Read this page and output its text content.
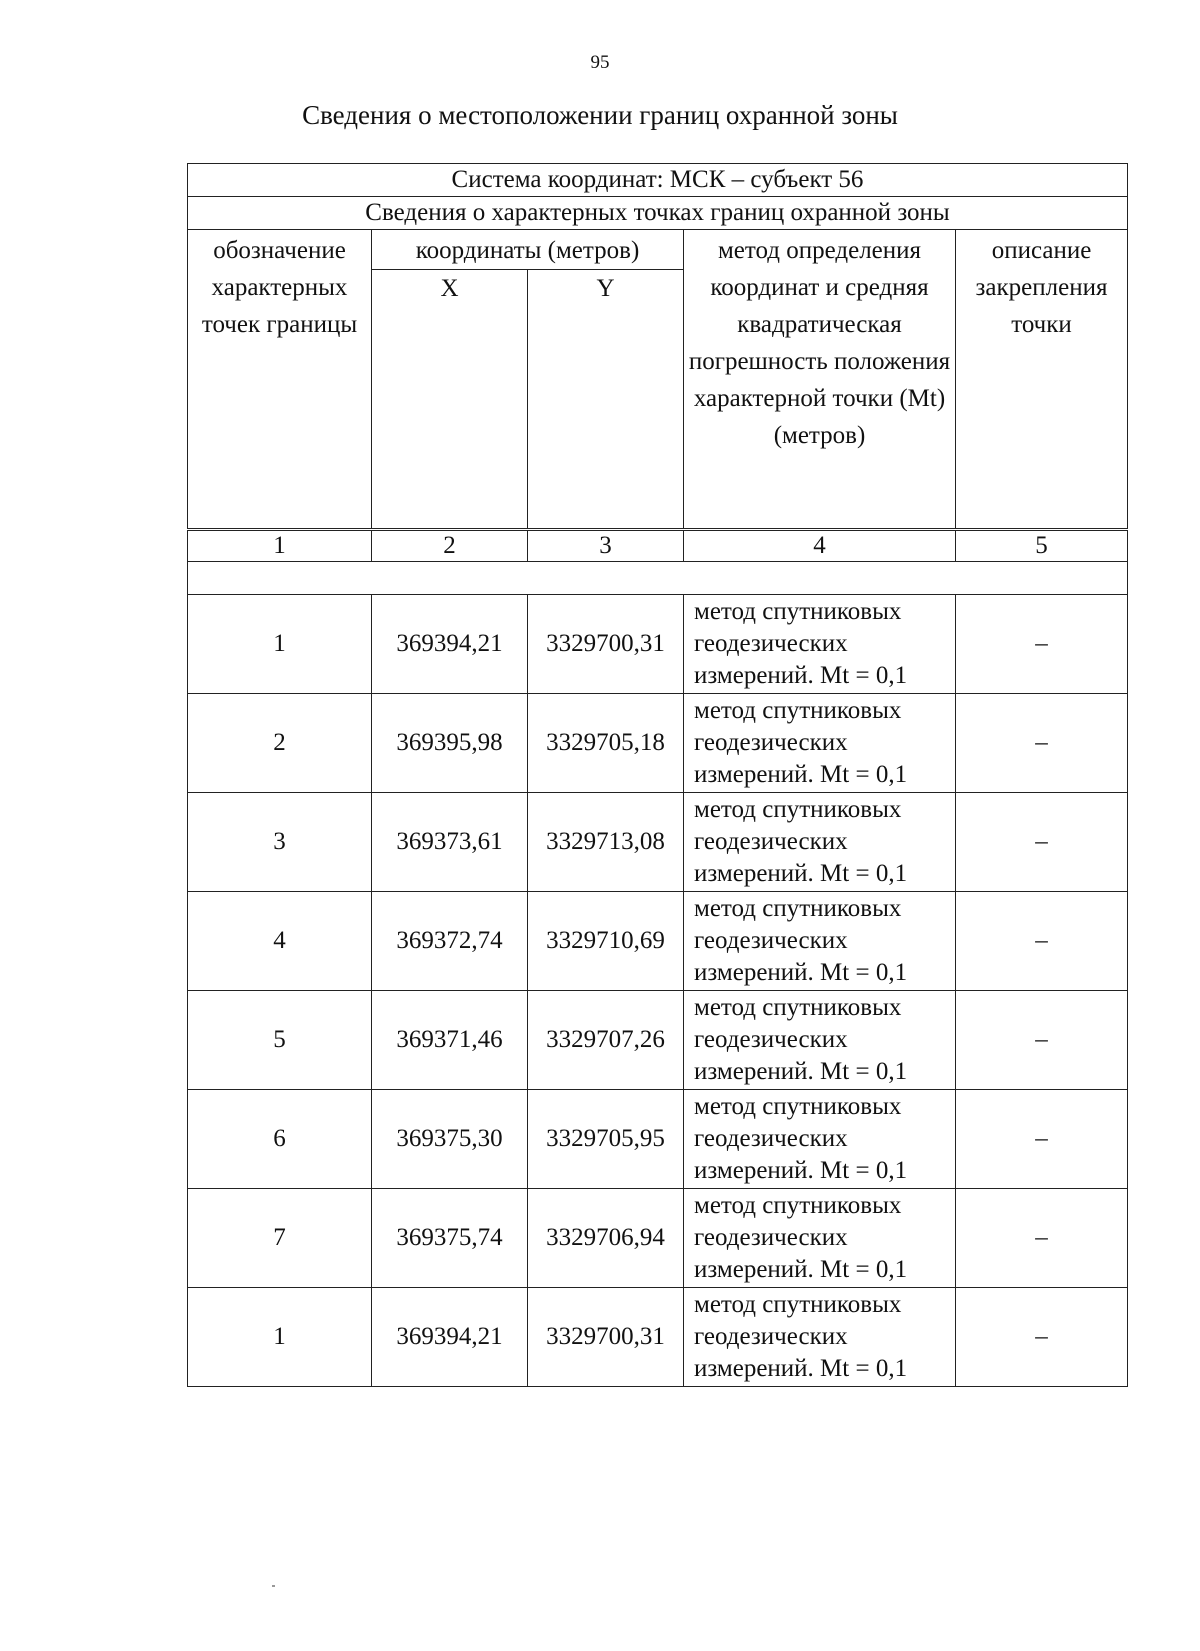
95
Сведения о местоположении границ охранной зоны
Система координат: МСК – субъект 56				
Сведения о характерных точках границ охранной зоны				
обозначение характерных точек границы	координаты (метров)		метод определения координат и средняя квадратическая погрешность положения характерной точки (Mt) (метров)	описание закрепления точки
	X	Y		
1	2	3	4	5

1	369394,21	3329700,31	метод спутниковых геодезических измерений. Mt = 0,1	–
2	369395,98	3329705,18	метод спутниковых геодезических измерений. Mt = 0,1	–
3	369373,61	3329713,08	метод спутниковых геодезических измерений. Mt = 0,1	–
4	369372,74	3329710,69	метод спутниковых геодезических измерений. Mt = 0,1	–
5	369371,46	3329707,26	метод спутниковых геодезических измерений. Mt = 0,1	–
6	369375,30	3329705,95	метод спутниковых геодезических измерений. Mt = 0,1	–
7	369375,74	3329706,94	метод спутниковых геодезических измерений. Mt = 0,1	–
1	369394,21	3329700,31	метод спутниковых геодезических измерений. Mt = 0,1	–
